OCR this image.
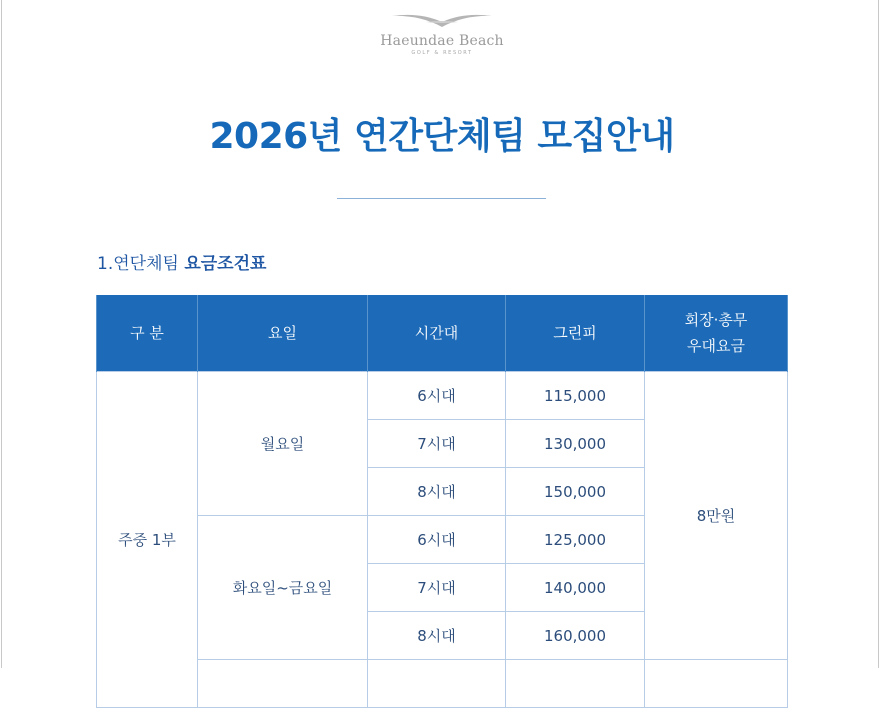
Haeundae Beach
GOLF & RESORT
2026년 연간단체팀 모집안내
1.연단체팀 요금조건표
구 분	요일	시간대	그린피	회장·총무
우대요금

주중 1부	월요일	6시대	115,000	8만원
		7시대	130,000	
		8시대	150,000	
	화요일~금요일	6시대	125,000	
		7시대	140,000	
		8시대	160,000	
